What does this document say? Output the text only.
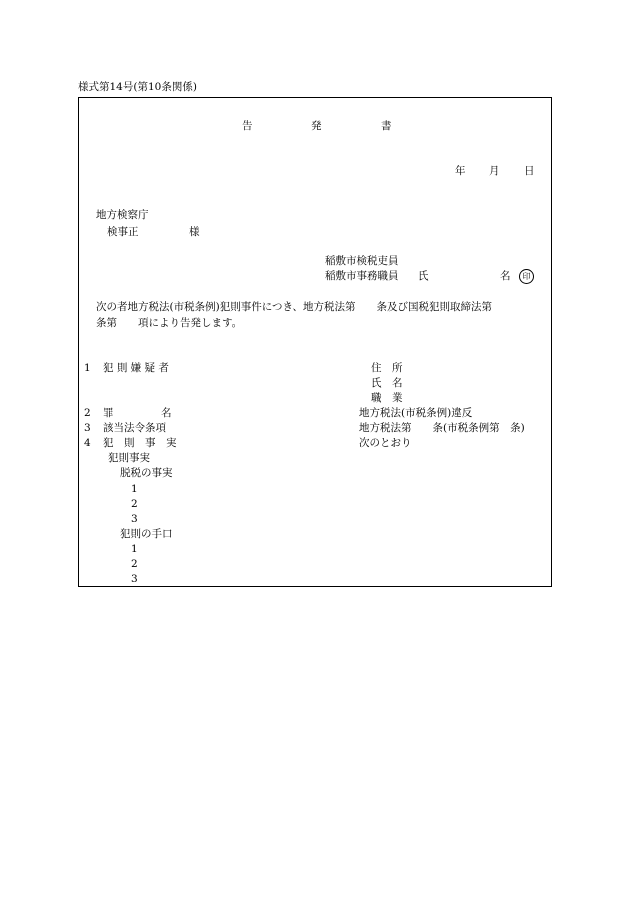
様式第14号(第10条関係)
告	発	書
年 月 日
地方検察庁
検事正	様
稲敷市検税吏員
稲敷市事務職員 氏	名	印
次の者地方税法(市税条例)犯則事件につき、地方税法第　　条及び国税犯則取締法第
条第　　項により告発します。
1 犯 則 嫌 疑 者	住　所
氏　名
職　業
2 罪	名	地方税法(市税条例)違反
3 該当法令条項	地方税法第　　条(市税条例第　条)
4 犯　則　事　実	次のとおり
犯則事実
脱税の事実
1
2
3
犯則の手口
1
2
3
